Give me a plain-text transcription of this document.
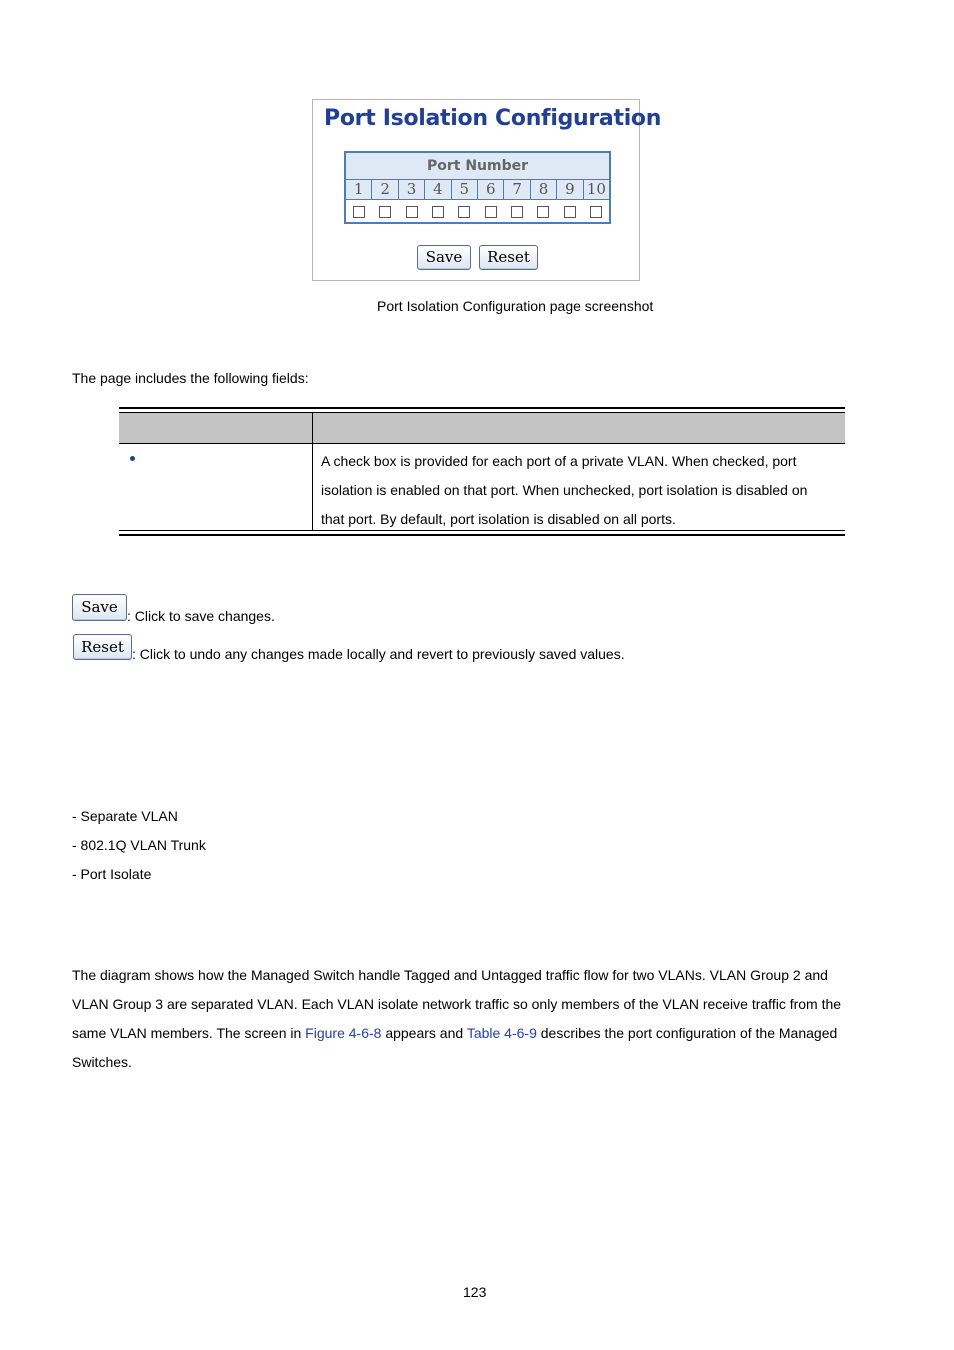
Port Isolation Configuration
Port Number
1	2	3	4	5	6	7	8	9 10
Save	Reset
Port Isolation Configuration page screenshot
The page includes the following fields:
A check box is provided for each port of a private VLAN. When checked, port
isolation is enabled on that port. When unchecked, port isolation is disabled on
that port. By default, port isolation is disabled on all ports.
Save : Click to save changes.
Reset : Click to undo any changes made locally and revert to previously saved values.
- Separate VLAN
- 802.1Q VLAN Trunk
- Port Isolate
The diagram shows how the Managed Switch handle Tagged and Untagged traffic flow for two VLANs. VLAN Group 2 and
VLAN Group 3 are separated VLAN. Each VLAN isolate network traffic so only members of the VLAN receive traffic from the
same VLAN members. The screen in Figure 4-6-8 appears and Table 4-6-9 describes the port configuration of the Managed
Switches.
123
